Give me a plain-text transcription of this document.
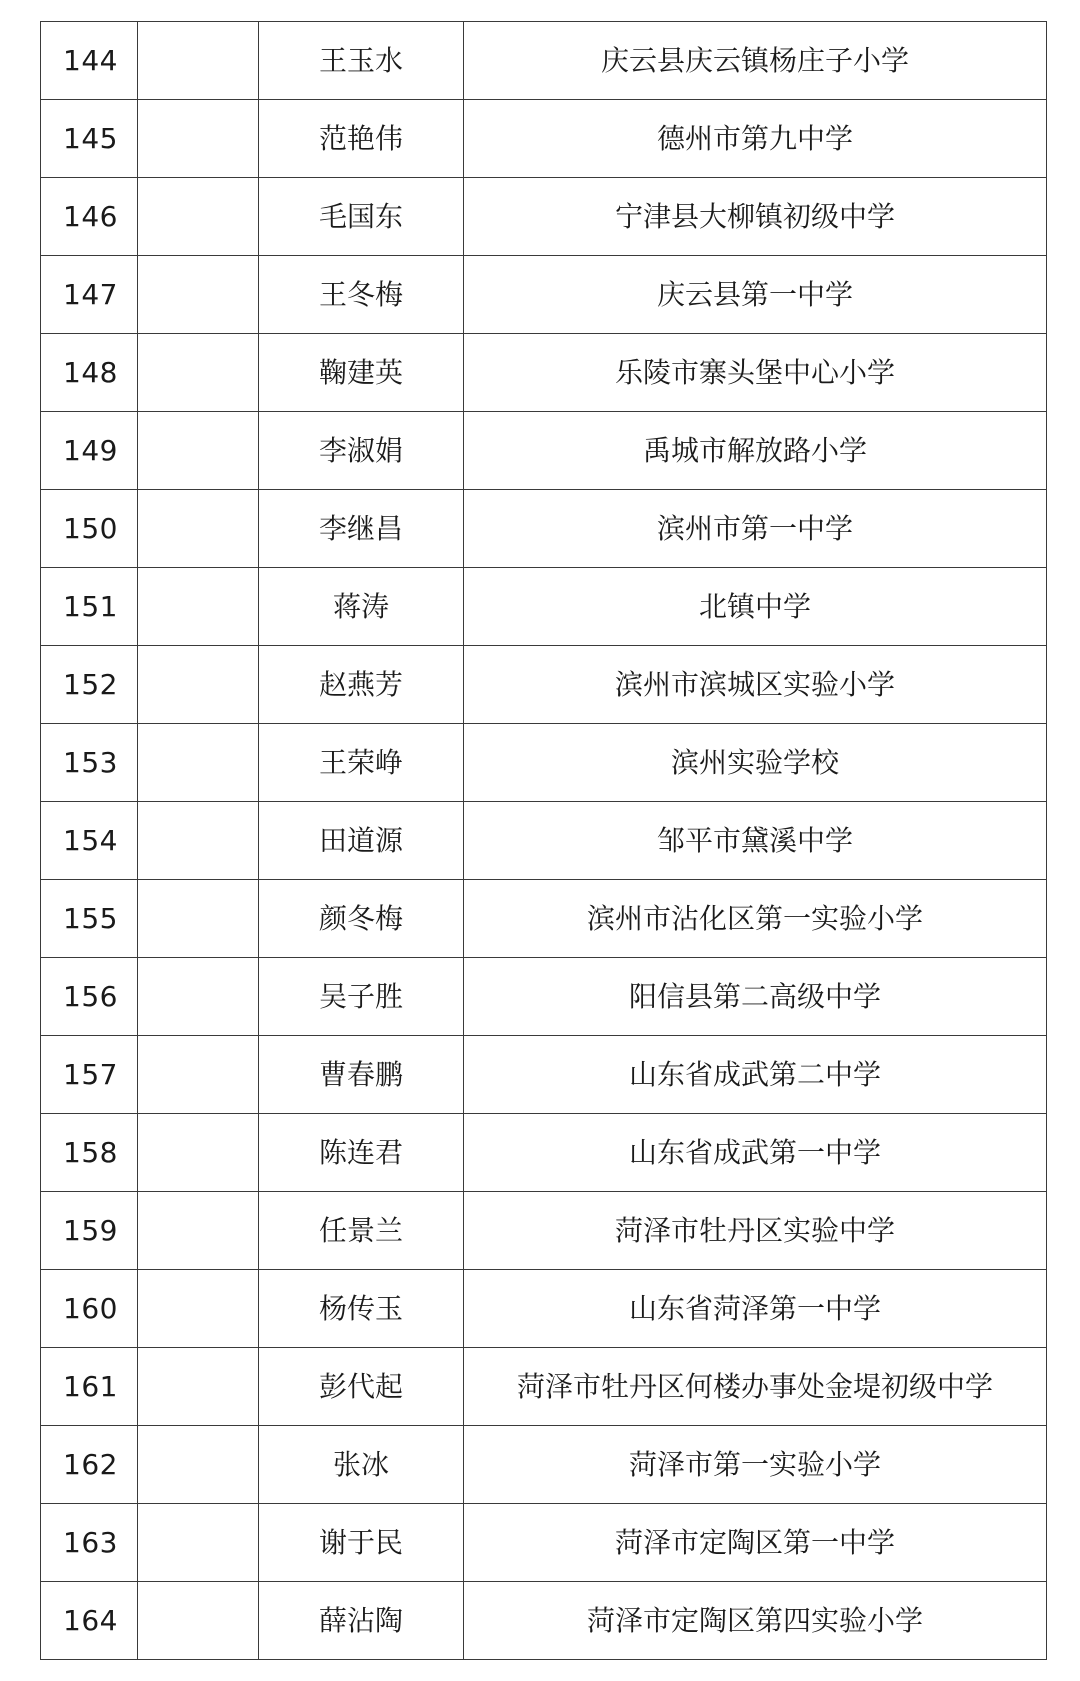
144		王玉水	庆云县庆云镇杨庄子小学
145		范艳伟	德州市第九中学
146		毛国东	宁津县大柳镇初级中学
147		王冬梅	庆云县第一中学
148		鞠建英	乐陵市寨头堡中心小学
149		李淑娟	禹城市解放路小学
150		李继昌	滨州市第一中学
151		蒋涛	北镇中学
152		赵燕芳	滨州市滨城区实验小学
153		王荣峥	滨州实验学校
154		田道源	邹平市黛溪中学
155		颜冬梅	滨州市沾化区第一实验小学
156		吴子胜	阳信县第二高级中学
157		曹春鹏	山东省成武第二中学
158		陈连君	山东省成武第一中学
159		任景兰	菏泽市牡丹区实验中学
160		杨传玉	山东省菏泽第一中学
161		彭代起	菏泽市牡丹区何楼办事处金堤初级中学
162		张冰	菏泽市第一实验小学
163		谢于民	菏泽市定陶区第一中学
164		薛沾陶	菏泽市定陶区第四实验小学
